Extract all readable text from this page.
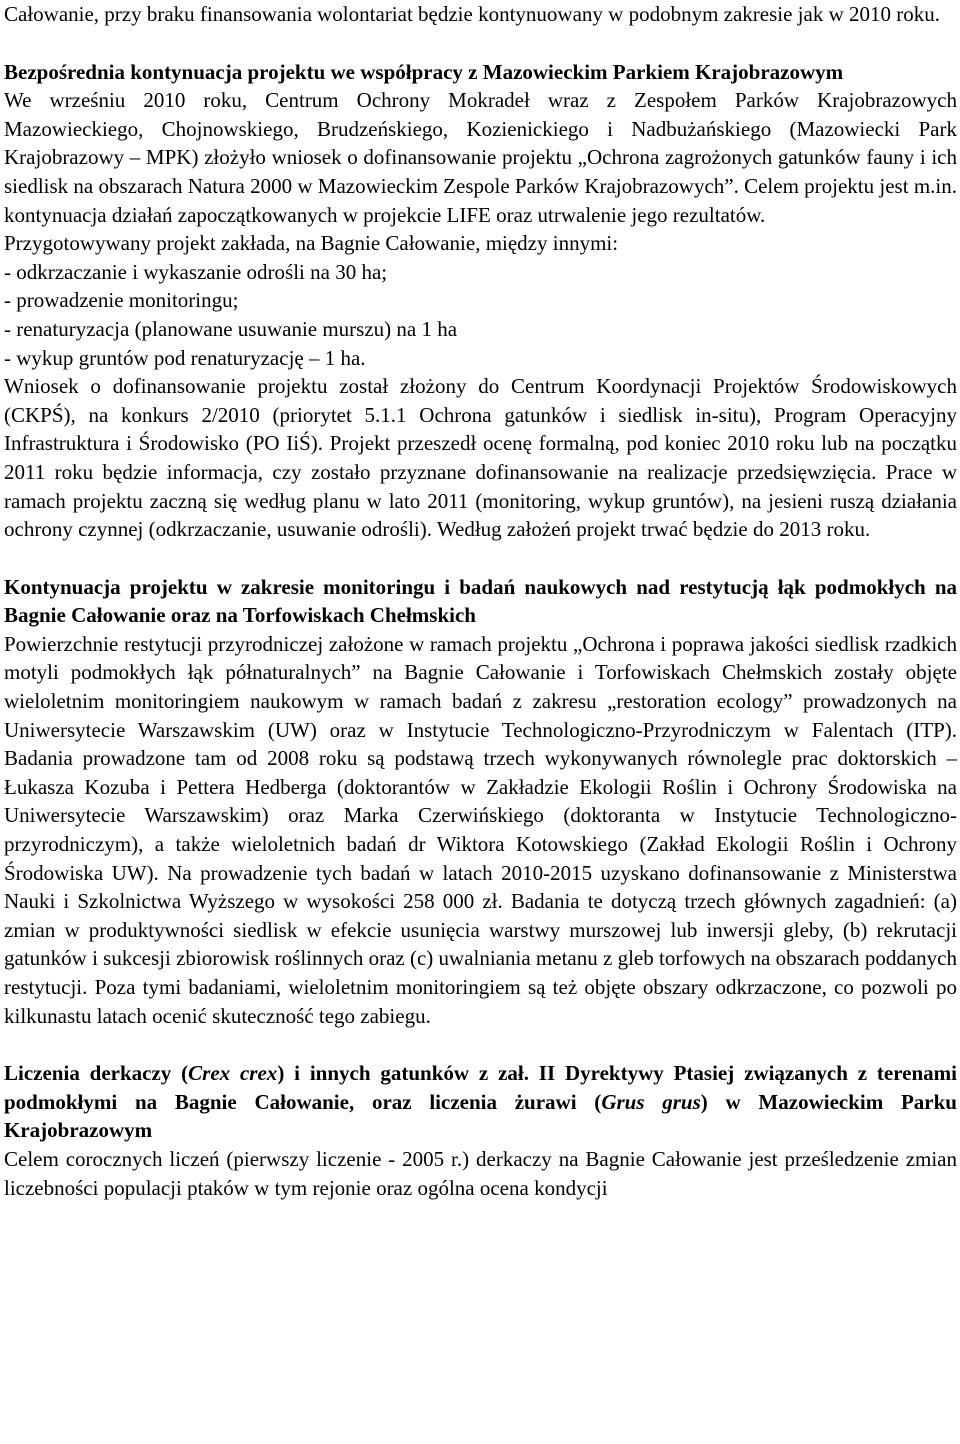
Całowanie, przy braku finansowania wolontariat będzie kontynuowany w podobnym zakresie jak w 2010 roku.

Bezpośrednia kontynuacja projektu we współpracy z Mazowieckim Parkiem Krajobrazowym

We wrześniu 2010 roku, Centrum Ochrony Mokradeł wraz z Zespołem Parków Krajobrazowych Mazowieckiego, Chojnowskiego, Brudzeńskiego, Kozienickiego i Nadbużańskiego (Mazowiecki Park Krajobrazowy – MPK) złożyło wniosek o dofinansowanie projektu „Ochrona zagrożonych gatunków fauny i ich siedlisk na obszarach Natura 2000 w Mazowieckim Zespole Parków Krajobrazowych”. Celem projektu jest m.in. kontynuacja działań zapoczątkowanych w projekcie LIFE oraz utrwalenie jego rezultatów.

Przygotowywany projekt zakłada, na Bagnie Całowanie, między innymi:
- odkrzaczanie i wykaszanie odrośli na 30 ha;
- prowadzenie monitoringu;
- renaturyzacja (planowane usuwanie murszu) na 1 ha
- wykup gruntów pod renaturyzację – 1 ha.

Wniosek o dofinansowanie projektu został złożony do Centrum Koordynacji Projektów Środowiskowych (CKPŚ), na konkurs 2/2010 (priorytet 5.1.1 Ochrona gatunków i siedlisk in-situ), Program Operacyjny Infrastruktura i Środowisko (PO IiŚ). Projekt przeszedł ocenę formalną, pod koniec 2010 roku lub na początku 2011 roku będzie informacja, czy zostało przyznane dofinansowanie na realizacje przedsięwzięcia. Prace w ramach projektu zaczną się według planu w lato 2011 (monitoring, wykup gruntów), na jesieni ruszą działania ochrony czynnej (odkrzaczanie, usuwanie odrośli). Według założeń projekt trwać będzie do 2013 roku.

Kontynuacja projektu w zakresie monitoringu i badań naukowych nad restytucją łąk podmokłych na Bagnie Całowanie oraz na Torfowiskach Chełmskich

Powierzchnie restytucji przyrodniczej założone w ramach projektu „Ochrona i poprawa jakości siedlisk rzadkich motyli podmokłych łąk półnaturalnych” na Bagnie Całowanie i Torfowiskach Chełmskich zostały objęte wieloletnim monitoringiem naukowym w ramach badań z zakresu „restoration ecology” prowadzonych na Uniwersytecie Warszawskim (UW) oraz w Instytucie Technologiczno-Przyrodniczym w Falentach (ITP). Badania prowadzone tam od 2008 roku są podstawą trzech wykonywanych równolegle prac doktorskich – Łukasza Kozuba i Pettera Hedberga (doktorantów w Zakładzie Ekologii Roślin i Ochrony Środowiska na Uniwersytecie Warszawskim) oraz Marka Czerwińskiego (doktoranta w Instytucie Technologiczno-przyrodniczym), a także wieloletnich badań dr Wiktora Kotowskiego (Zakład Ekologii Roślin i Ochrony Środowiska UW). Na prowadzenie tych badań w latach 2010-2015 uzyskano dofinansowanie z Ministerstwa Nauki i Szkolnictwa Wyższego w wysokości 258 000 zł. Badania te dotyczą trzech głównych zagadnień: (a) zmian w produktywności siedlisk w efekcie usunięcia warstwy murszowej lub inwersji gleby, (b) rekrutacji gatunków i sukcesji zbiorowisk roślinnych oraz (c) uwalniania metanu z gleb torfowych na obszarach poddanych restytucji. Poza tymi badaniami, wieloletnim monitoringiem są też objęte obszary odkrzaczone, co pozwoli po kilkunastu latach ocenić skuteczność tego zabiegu.

Liczenia derkaczy (Crex crex) i innych gatunków z zał. II Dyrektywy Ptasiej związanych z terenami podmokłymi na Bagnie Całowanie, oraz liczenia żurawi (Grus grus) w Mazowieckim Parku Krajobrazowym

Celem corocznych liczeń (pierwszy liczenie - 2005 r.) derkaczy na Bagnie Całowanie jest prześledzenie zmian liczebności populacji ptaków w tym rejonie oraz ogólna ocena kondycji
